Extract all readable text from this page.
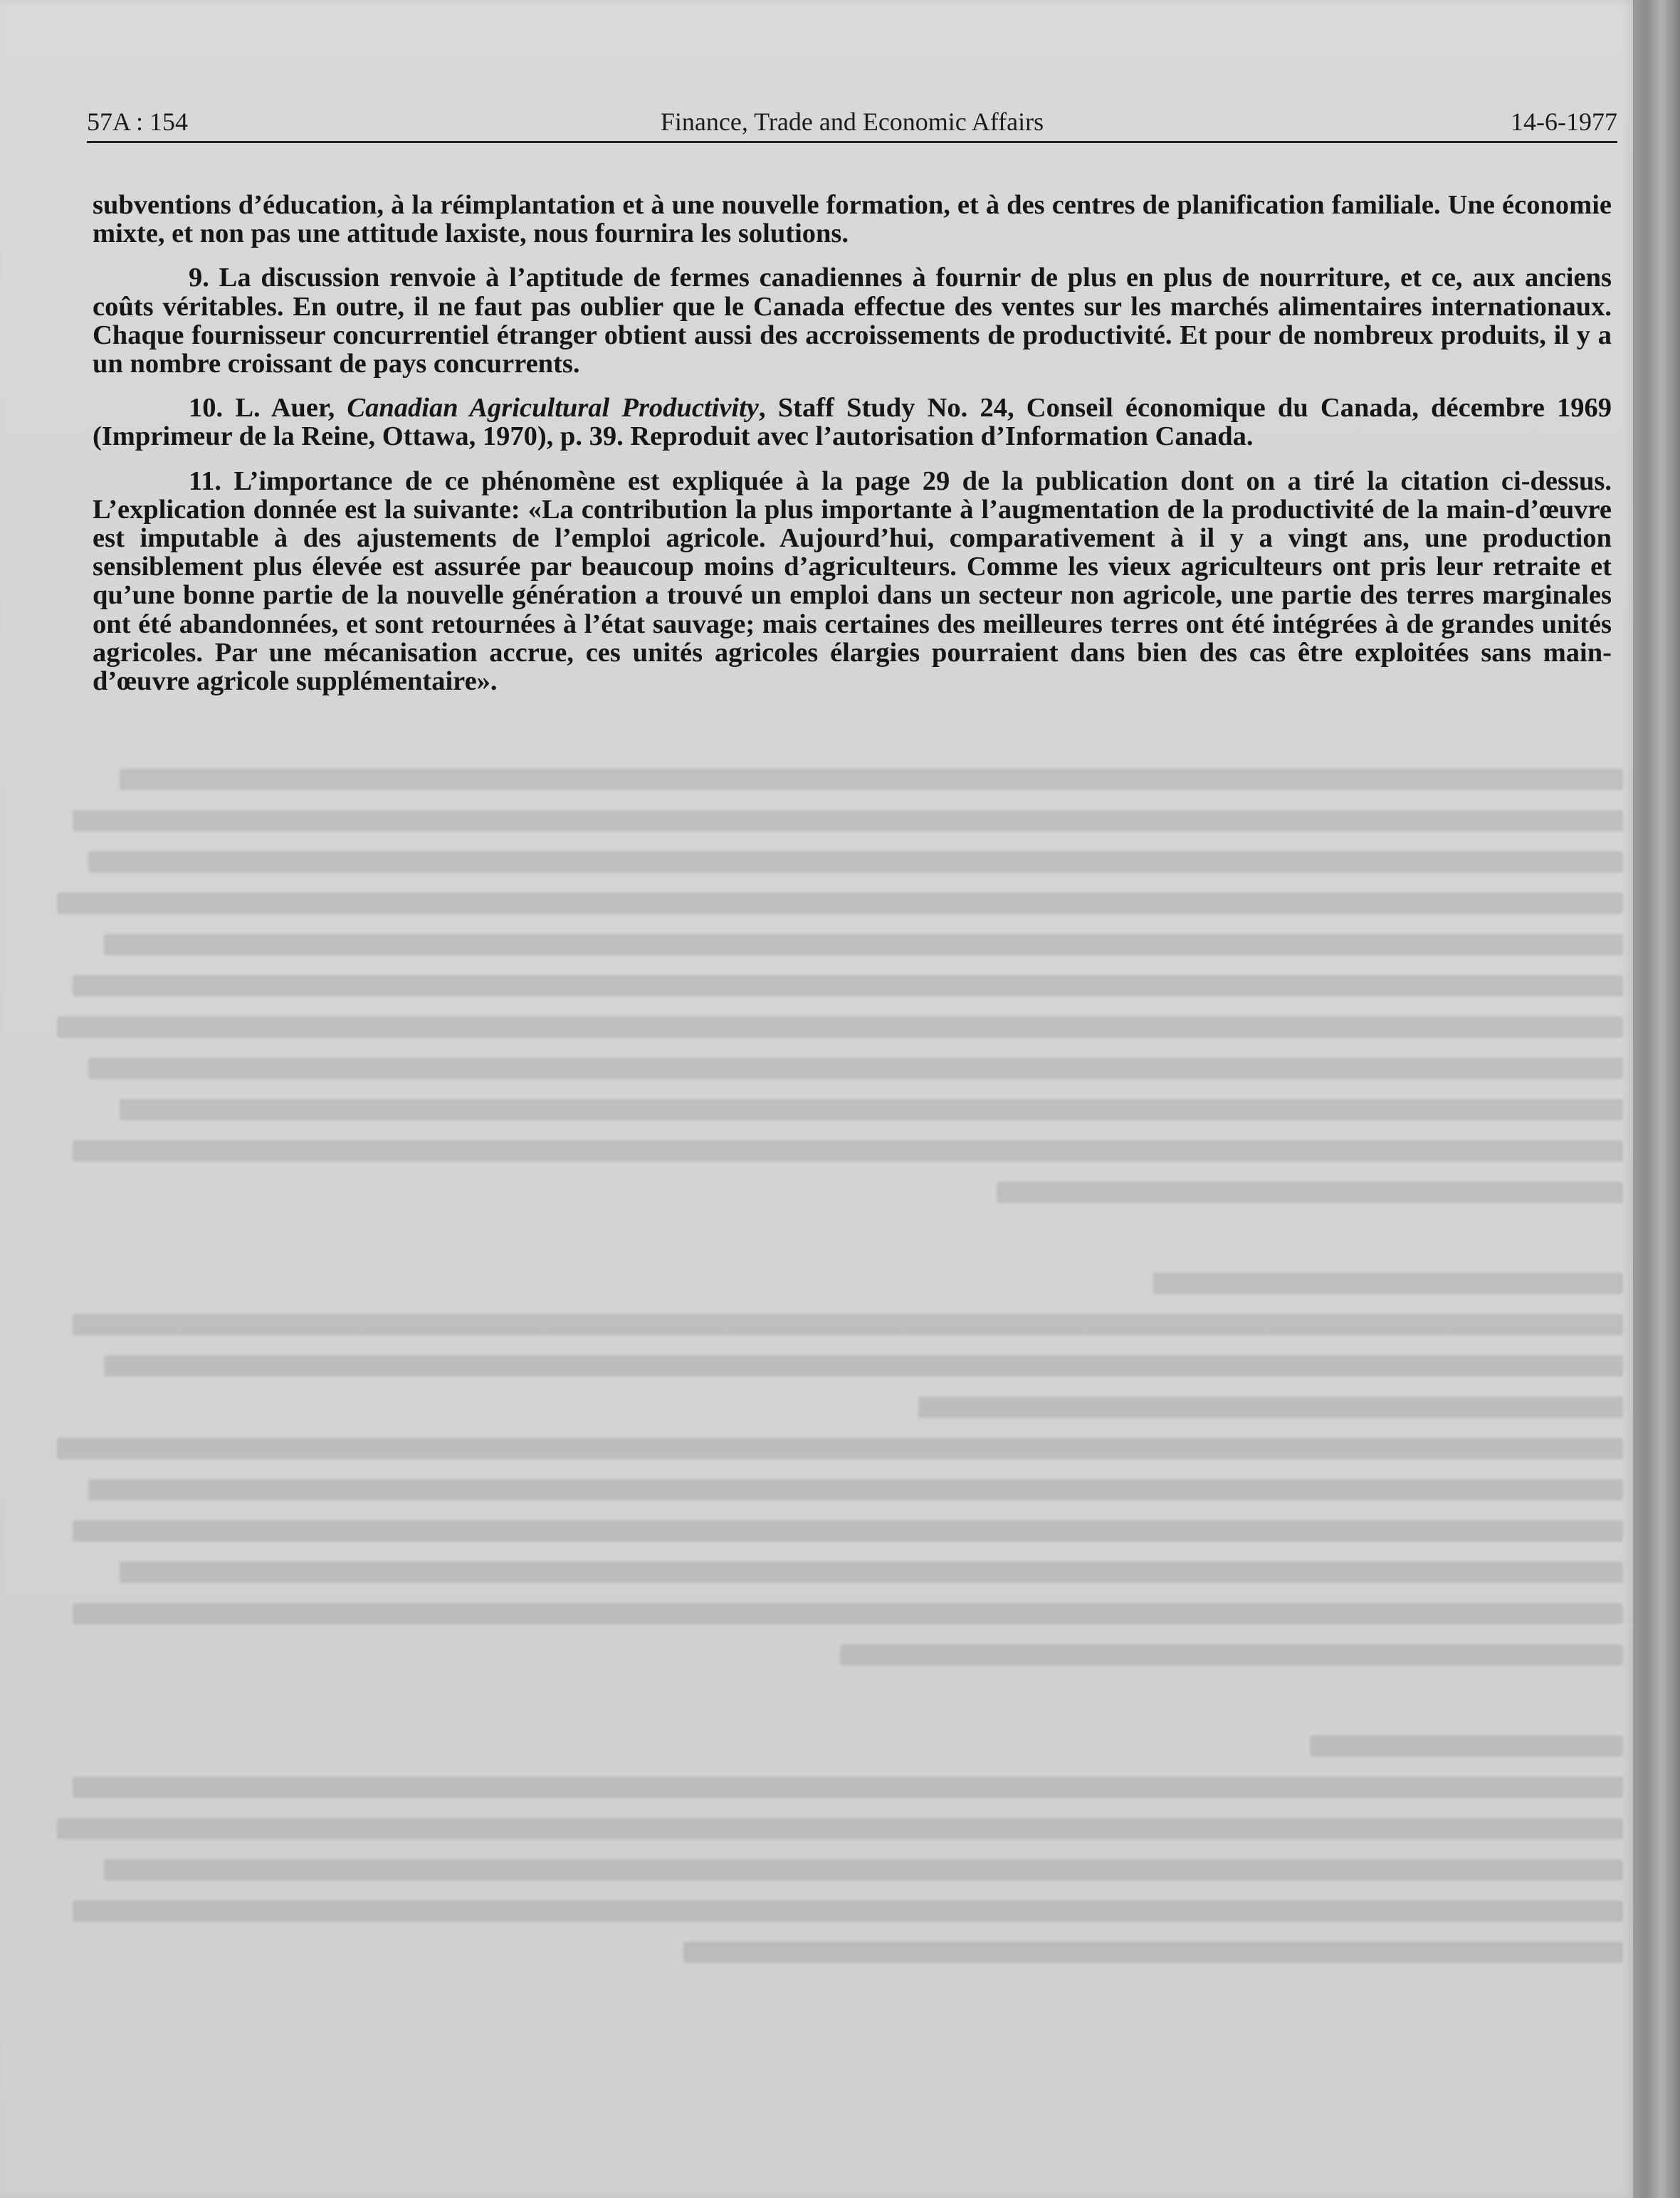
57A : 154	Finance, Trade and Economic Affairs	14-6-1977

subventions d’éducation, à la réimplantation et à une nouvelle formation, et à des centres de planification familiale. Une économie mixte, et non pas une attitude laxiste, nous fournira les solutions.

9. La discussion renvoie à l’aptitude de fermes canadiennes à fournir de plus en plus de nourriture, et ce, aux anciens coûts véritables. En outre, il ne faut pas oublier que le Canada effectue des ventes sur les marchés alimentaires internationaux. Chaque fournisseur concurrentiel étranger obtient aussi des accroissements de productivité. Et pour de nombreux produits, il y a un nombre croissant de pays concurrents.

10. L. Auer, Canadian Agricultural Productivity, Staff Study No. 24, Conseil économique du Canada, décembre 1969 (Imprimeur de la Reine, Ottawa, 1970), p. 39. Reproduit avec l’autorisation d’Information Canada.

11. L’importance de ce phénomène est expliquée à la page 29 de la publication dont on a tiré la citation ci-dessus. L’explication donnée est la suivante: «La contribution la plus importante à l’augmentation de la productivité de la main-d’œuvre est imputable à des ajustements de l’emploi agricole. Aujourd’hui, comparativement à il y a vingt ans, une production sensiblement plus élevée est assurée par beaucoup moins d’agriculteurs. Comme les vieux agriculteurs ont pris leur retraite et qu’une bonne partie de la nouvelle génération a trouvé un emploi dans un secteur non agricole, une partie des terres marginales ont été abandonnées, et sont retournées à l’état sauvage; mais certaines des meilleures terres ont été intégrées à de grandes unités agricoles. Par une mécanisation accrue, ces unités agricoles élargies pourraient dans bien des cas être exploitées sans main-d’œuvre agricole supplémentaire».
